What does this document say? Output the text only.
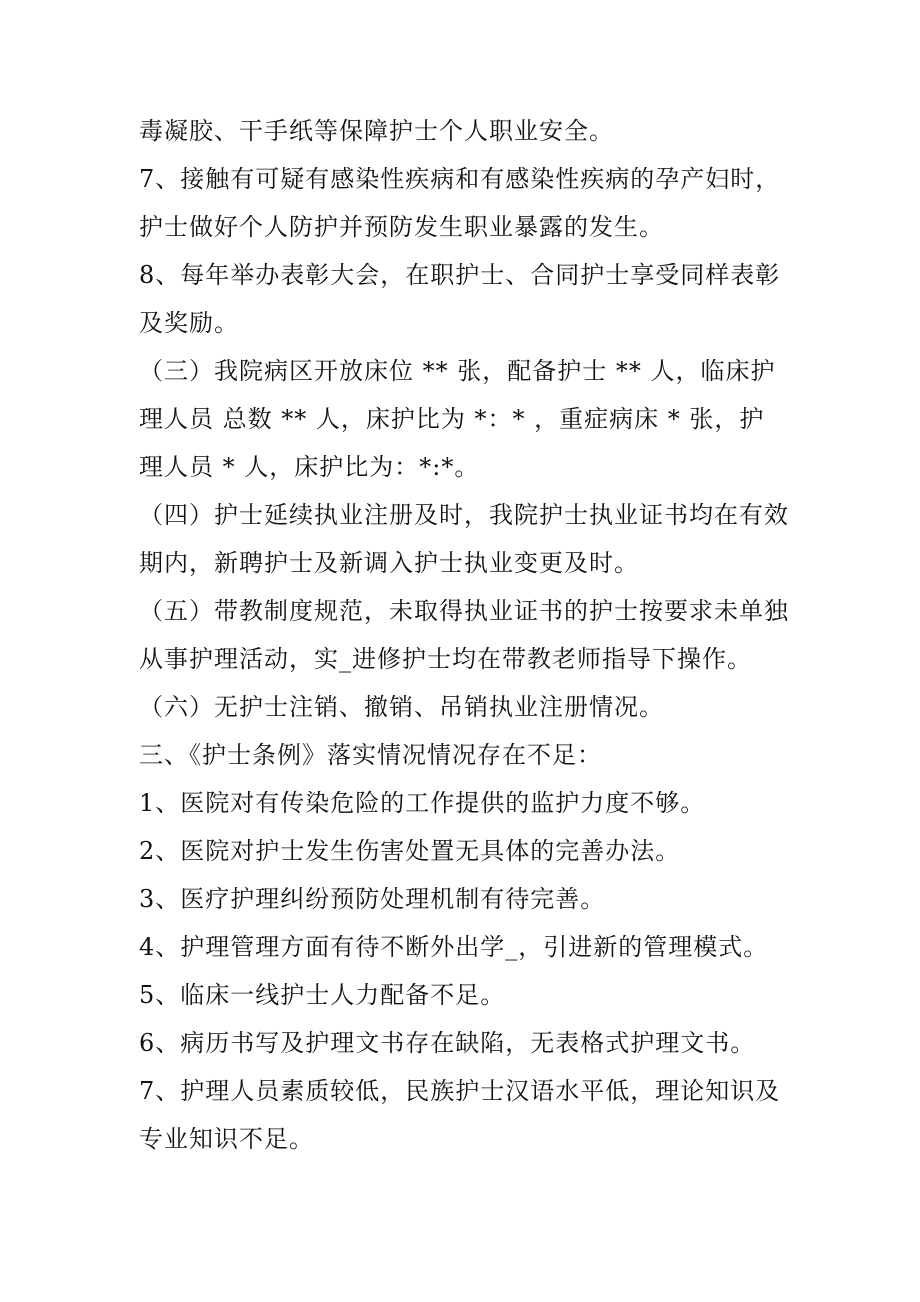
毒凝胶、干手纸等保障护士个人职业安全。
7、接触有可疑有感染性疾病和有感染性疾病的孕产妇时，
护士做好个人防护并预防发生职业暴露的发生。
8、每年举办表彰大会，在职护士、合同护士享受同样表彰
及奖励。
（三）我院病区开放床位 ** 张，配备护士 ** 人，临床护
理人员 总数 ** 人，床护比为 *：* ，重症病床 * 张，护
理人员 * 人，床护比为：*:*。
（四）护士延续执业注册及时，我院护士执业证书均在有效
期内，新聘护士及新调入护士执业变更及时。
（五）带教制度规范，未取得执业证书的护士按要求未单独
从事护理活动，实_进修护士均在带教老师指导下操作。
（六）无护士注销、撤销、吊销执业注册情况。
三、《护士条例》落实情况情况存在不足：
1、医院对有传染危险的工作提供的监护力度不够。
2、医院对护士发生伤害处置无具体的完善办法。
3、医疗护理纠纷预防处理机制有待完善。
4、护理管理方面有待不断外出学_，引进新的管理模式。
5、临床一线护士人力配备不足。
6、病历书写及护理文书存在缺陷，无表格式护理文书。
7、护理人员素质较低，民族护士汉语水平低，理论知识及
专业知识不足。
